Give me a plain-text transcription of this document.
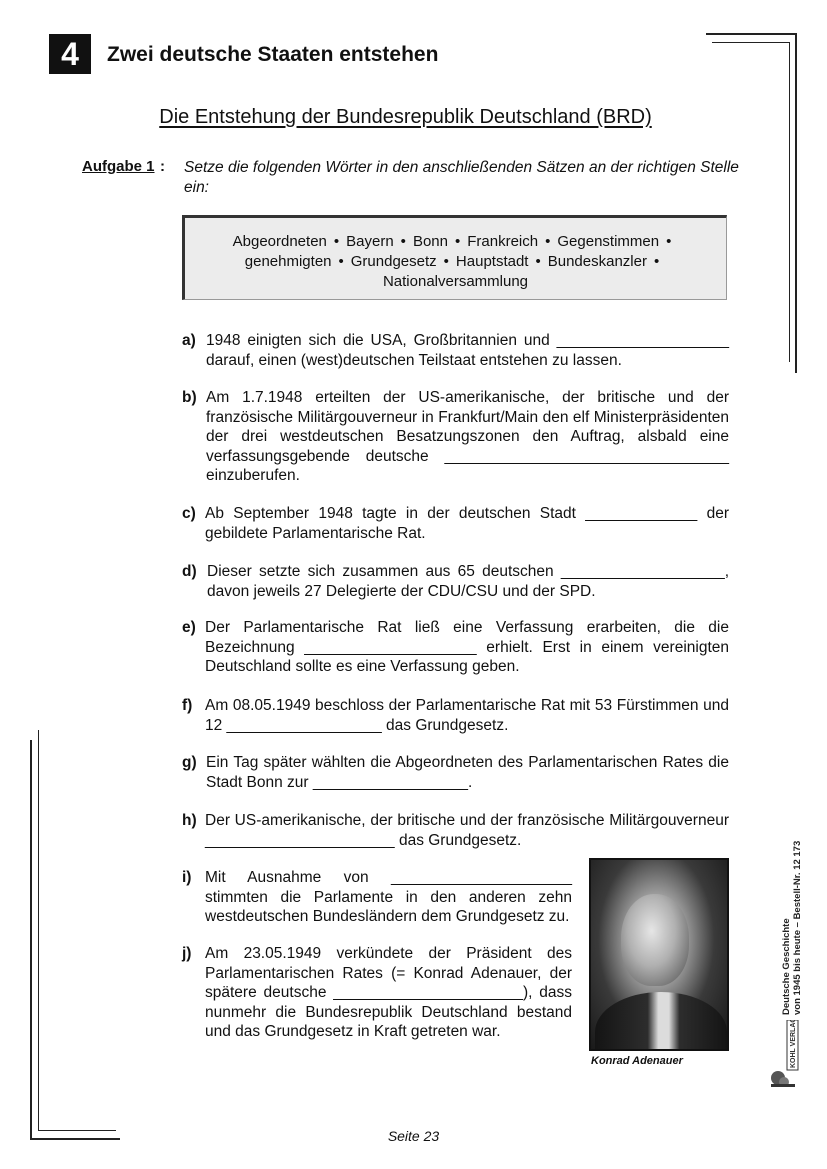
4	Zwei deutsche Staaten entstehen
Die Entstehung der Bundesrepublik Deutschland (BRD)
Aufgabe 1 : Setze die folgenden Wörter in den anschließenden Sätzen an der richtigen Stelle ein:
Abgeordneten • Bayern • Bonn • Frankreich • Gegenstimmen •
genehmigten • Grundgesetz • Hauptstadt • Bundeskanzler •
Nationalversammlung
a) 1948 einigten sich die USA, Großbritannien und ____________________ darauf, einen (west)deutschen Teilstaat entstehen zu lassen.
b) Am 1.7.1948 erteilten der US-amerikanische, der britische und der französische Militärgouverneur in Frankfurt/Main den elf Ministerpräsidenten der drei westdeutschen Besatzungszonen den Auftrag, alsbald eine verfassungsgebende deutsche _________________________________ einzuberufen.
c) Ab September 1948 tagte in der deutschen Stadt _____________ der gebildete Parlamentarische Rat.
d) Dieser setzte sich zusammen aus 65 deutschen ___________________, davon jeweils 27 Delegierte der CDU/CSU und der SPD.
e) Der Parlamentarische Rat ließ eine Verfassung erarbeiten, die die Bezeichnung ____________________ erhielt. Erst in einem vereinigten Deutschland sollte es eine Verfassung geben.
f) Am 08.05.1949 beschloss der Parlamentarische Rat mit 53 Fürstimmen und 12 __________________ das Grundgesetz.
g) Ein Tag später wählten die Abgeordneten des Parlamentarischen Rates die Stadt Bonn zur __________________.
h) Der US-amerikanische, der britische und der französische Militärgouverneur ______________________ das Grundgesetz.
i) Mit Ausnahme von _____________________ stimmten die Parlamente in den anderen zehn westdeutschen Bundesländern dem Grundgesetz zu.
j) Am 23.05.1949 verkündete der Präsident des Parlamentarischen Rates (= Konrad Adenauer, der spätere deutsche ______________________), dass nunmehr die Bundesrepublik Deutschland bestand und das Grundgesetz in Kraft getreten war.
Konrad Adenauer
Deutsche Geschichte von 1945 bis heute – Bestell-Nr. 12 173
KOHL VERLAG
Seite 23
